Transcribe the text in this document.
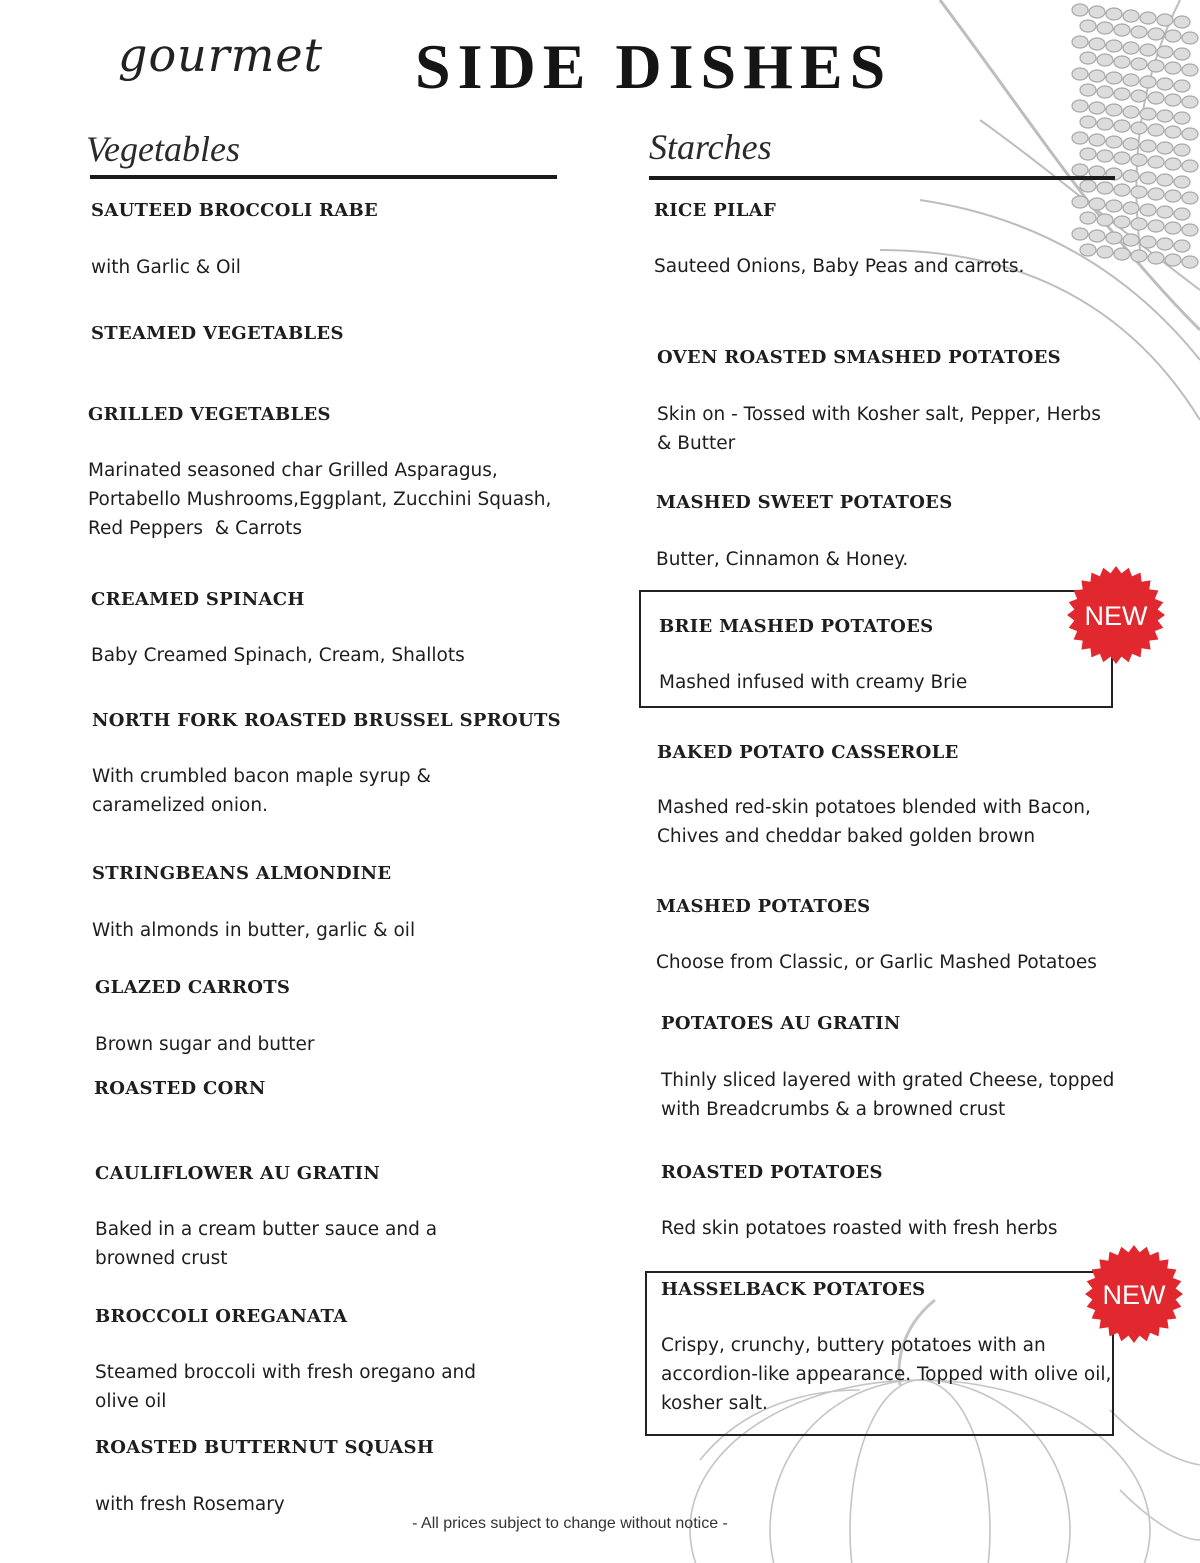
gourmet SIDE DISHES
Vegetables	Starches
SAUTEED BROCCOLI RABE
with Garlic & Oil
STEAMED VEGETABLES
GRILLED VEGETABLES
Marinated seasoned char Grilled Asparagus,
Portabello Mushrooms,Eggplant, Zucchini Squash,
Red Peppers  & Carrots
CREAMED SPINACH
Baby Creamed Spinach, Cream, Shallots
NORTH FORK ROASTED BRUSSEL SPROUTS
With crumbled bacon maple syrup &
caramelized onion.
STRINGBEANS ALMONDINE
With almonds in butter, garlic & oil
GLAZED CARROTS
Brown sugar and butter
ROASTED CORN
CAULIFLOWER AU GRATIN
Baked in a cream butter sauce and a
browned crust
BROCCOLI OREGANATA
Steamed broccoli with fresh oregano and
olive oil
ROASTED BUTTERNUT SQUASH
with fresh Rosemary
RICE PILAF
Sauteed Onions, Baby Peas and carrots.
OVEN ROASTED SMASHED POTATOES
Skin on - Tossed with Kosher salt, Pepper, Herbs
& Butter
MASHED SWEET POTATOES
Butter, Cinnamon & Honey.
BRIE MASHED POTATOES
Mashed infused with creamy Brie
BAKED POTATO CASSEROLE
Mashed red-skin potatoes blended with Bacon,
Chives and cheddar baked golden brown
MASHED POTATOES
Choose from Classic, or Garlic Mashed Potatoes
POTATOES AU GRATIN
Thinly sliced layered with grated Cheese, topped
with Breadcrumbs & a browned crust
ROASTED POTATOES
Red skin potatoes roasted with fresh herbs
HASSELBACK POTATOES
Crispy, crunchy, buttery potatoes with an
accordion-like appearance. Topped with olive oil,
kosher salt.
NEW
NEW
- All prices subject to change without notice -
